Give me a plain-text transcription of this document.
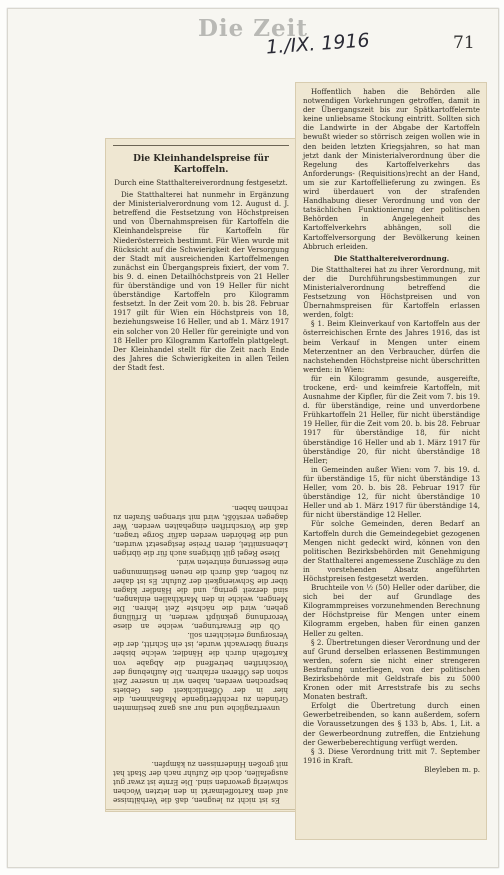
Die Zeit
1./IX. 1916	71

Die Kleinhandelspreise für Kartoffeln.

Durch eine Statthaltereiverordnung festgesetzt.

Die Statthalterei hat nunmehr in Ergänzung der Ministerialverordnung vom 12. August d. J. betreffend die Festsetzung von Höchstpreisen und von Übernahmspreisen für Kartoffeln die Kleinhandelspreise für Kartoffeln für Niederösterreich bestimmt. Für Wien wurde mit Rücksicht auf die Schwierigkeit der Versorgung der Stadt mit ausreichenden Kartoffelmengen zunächst ein Übergangspreis fixiert, der vom 7. bis 9. d. einen Detailhöchstpreis von 21 Heller für überständige und von 19 Heller für nicht überständige Kartoffeln pro Kilogramm festsetzt. In der Zeit vom 20. b. bis 28. Februar 1917 gilt für Wien ein Höchstpreis von 18, beziehungsweise 16 Heller, und ab 1. März 1917 ein solcher von 20 Heller für gereinigte und von 18 Heller pro Kilogramm Kartoffeln plattgelegt. Der Kleinhandel stellt für die Zeit nach Ende des Jahres die Schwierigkeiten in allen Teilen der Stadt fest.

unvertragliche und nur aus ganz bestimmten Gründen zu rechtfertigende Maßnahmen, die hier in der Öffentlichkeit des Gebiets besprochen werden, haben wir in unserer Zeit schon des Öfteren erfahren. Die Aufhebung der Vorschriften betreffend die Abgabe von Kartoffeln durch die Händler, welche bisher streng überwacht wurde, ist ein Schritt, der die Versorgung erleichtern soll.

Ob die Erwartungen, welche an diese Verordnung geknüpft werden, in Erfüllung gehen, wird die nächste Zeit lehren. Die Mengen, welche in den Markthallen einlangen, sind derzeit gering, und die Händler klagen über die Schwierigkeit der Zufuhr. Es ist daher zu hoffen, daß durch die neuen Bestimmungen eine Besserung eintreten wird.

Diese Regel gilt übrigens auch für die übrigen Lebensmittel, deren Preise festgesetzt wurden, und die Behörden werden dafür Sorge tragen, daß die Vorschriften eingehalten werden. Wer dagegen verstößt, wird mit strengen Strafen zu rechnen haben.

Es ist nicht zu leugnen, daß die Verhältnisse auf dem Kartoffelmarkt in den letzten Wochen schwierig geworden sind. Die Ernte ist zwar gut ausgefallen, doch die Zufuhr nach der Stadt hat mit großen Hindernissen zu kämpfen.

Hoffentlich haben die Behörden alle notwendigen Vorkehrungen getroffen, damit in der Übergangszeit bis zur Spätkartoffelernte keine unliebsame Stockung eintritt. Sollten sich die Landwirte in der Abgabe der Kartoffeln bewußt wieder so störrisch zeigen wollen wie in den beiden letzten Kriegsjahren, so hat man jetzt dank der Ministerialverordnung über die Regelung des Kartoffelverkehrs das Anforderungs- (Requisitions)recht an der Hand, um sie zur Kartoffellieferung zu zwingen. Es wird überdauert von der strafenden Handhabung dieser Verordnung und von der tatsächlichen Funktionierung der politischen Behörden in Angelegenheit des Kartoffelverkehrs abhängen, soll die Kartoffelversorgung der Bevölkerung keinen Abbruch erleiden.

Die Statthaltereiverordnung.

Die Statthalterei hat zu ihrer Verordnung, mit der die Durchführungsbestimmungen zur Ministerialverordnung betreffend die Festsetzung von Höchstpreisen und von Übernahmspreisen für Kartoffeln erlassen werden, folgt:

§ 1. Beim Kleinverkauf von Kartoffeln aus der österreichischen Ernte des Jahres 1916, das ist beim Verkauf in Mengen unter einem Meterzentner an den Verbraucher, dürfen die nachstehenden Höchstpreise nicht überschritten werden: in Wien:

für ein Kilogramm gesunde, ausgereifte, trockene, erd- und keimfreie Kartoffeln, mit Ausnahme der Kipfler, für die Zeit vom 7. bis 19. d. für überständige, reine und unverdorbene Frühkartoffeln 21 Heller, für nicht überständige 19 Heller, für die Zeit vom 20. b. bis 28. Februar 1917 für überständige 18, für nicht überständige 16 Heller und ab 1. März 1917 für überständige 20, für nicht überständige 18 Heller;

in Gemeinden außer Wien: vom 7. bis 19. d. für überständige 15, für nicht überständige 13 Heller, vom 20. b. bis 28. Februar 1917 für überständige 12, für nicht überständige 10 Heller und ab 1. März 1917 für überständige 14, für nicht überständige 12 Heller.

Für solche Gemeinden, deren Bedarf an Kartoffeln durch die Gemeindegebiet gezogenen Mengen nicht gedeckt wird, können von den politischen Bezirksbehörden mit Genehmigung der Statthalterei angemessene Zuschläge zu den in vorstehenden Absatz angeführten Höchstpreisen festgesetzt werden.

Bruchteile von ½ (50) Heller oder darüber, die sich bei der auf Grundlage des Kilogrammpreises vorzunehmenden Berechnung der Höchstpreise für Mengen unter einem Kilogramm ergeben, haben für einen ganzen Heller zu gelten.

§ 2. Übertretungen dieser Verordnung und der auf Grund derselben erlassenen Bestimmungen werden, sofern sie nicht einer strengeren Bestrafung unterliegen, von der politischen Bezirksbehörde mit Geldstrafe bis zu 5000 Kronen oder mit Arreststrafe bis zu sechs Monaten bestraft.

Erfolgt die Übertretung durch einen Gewerbetreibenden, so kann außerdem, sofern die Voraussetzungen des § 133 b, Abs. 1, Lit. a der Gewerbeordnung zutreffen, die Entziehung der Gewerbeberechtigung verfügt werden.

§ 3. Diese Verordnung tritt mit 7. September 1916 in Kraft.

Bleyleben m. p.
